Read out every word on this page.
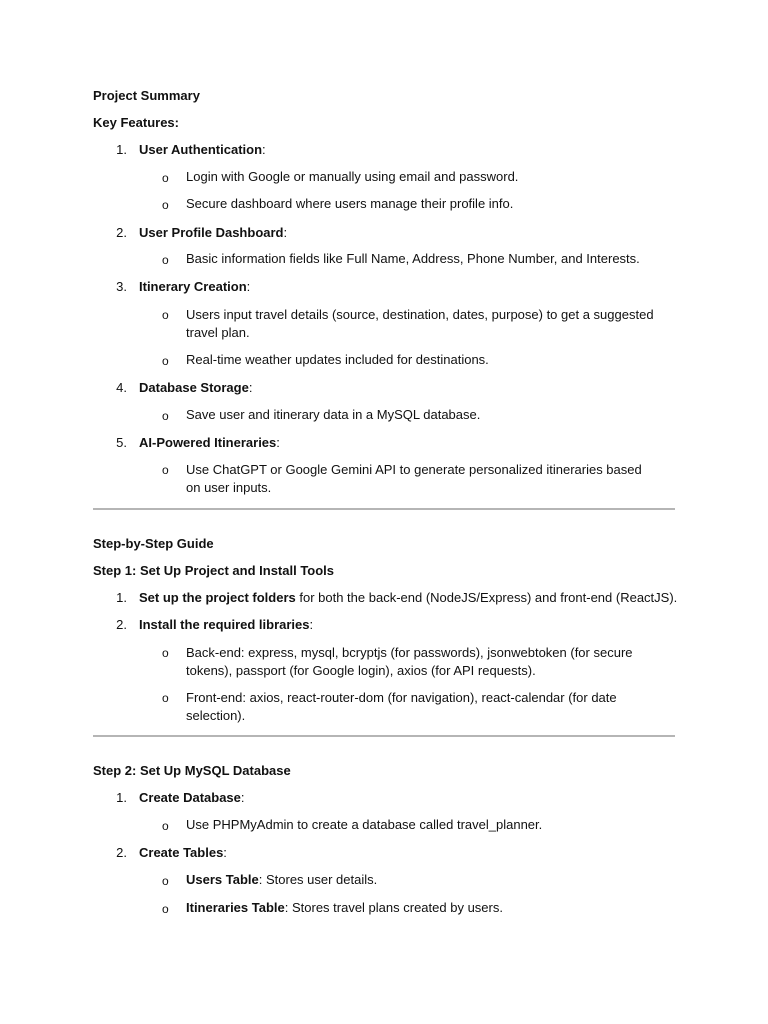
Project Summary
Key Features:
1. User Authentication:
o Login with Google or manually using email and password.
o Secure dashboard where users manage their profile info.
2. User Profile Dashboard:
o Basic information fields like Full Name, Address, Phone Number, and Interests.
3. Itinerary Creation:
o Users input travel details (source, destination, dates, purpose) to get a suggested travel plan.
o Real-time weather updates included for destinations.
4. Database Storage:
o Save user and itinerary data in a MySQL database.
5. AI-Powered Itineraries:
o Use ChatGPT or Google Gemini API to generate personalized itineraries based on user inputs.
Step-by-Step Guide
Step 1: Set Up Project and Install Tools
1. Set up the project folders for both the back-end (NodeJS/Express) and front-end (ReactJS).
2. Install the required libraries:
o Back-end: express, mysql, bcryptjs (for passwords), jsonwebtoken (for secure tokens), passport (for Google login), axios (for API requests).
o Front-end: axios, react-router-dom (for navigation), react-calendar (for date selection).
Step 2: Set Up MySQL Database
1. Create Database:
o Use PHPMyAdmin to create a database called travel_planner.
2. Create Tables:
o Users Table: Stores user details.
o Itineraries Table: Stores travel plans created by users.
